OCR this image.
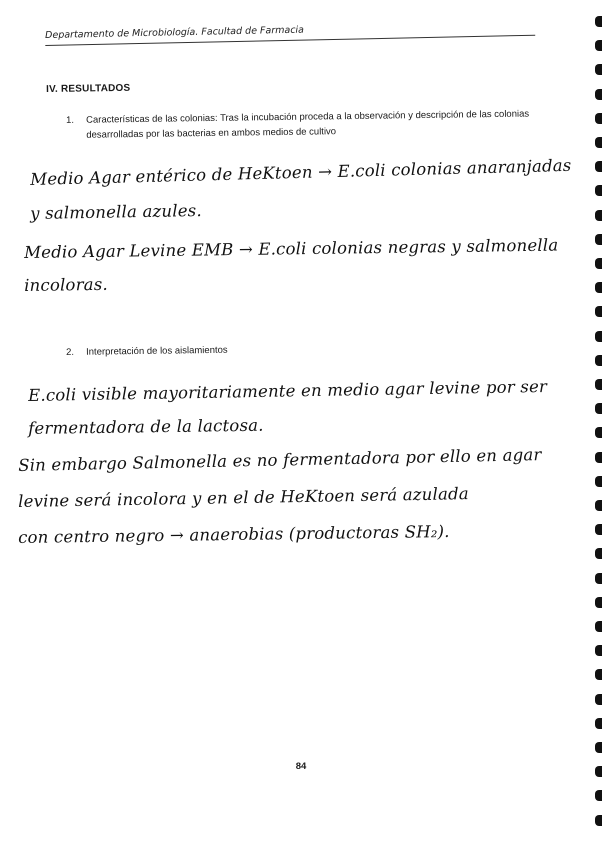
Departamento de Microbiología. Facultad de Farmacia
IV. RESULTADOS
1. Características de las colonias: Tras la incubación proceda a la observación y descripción de las colonias desarrolladas por las bacterias en ambos medios de cultivo
Medio Agar entérico de HeKtoen → E.coli colonias anaranjadas
y salmonella azules.
Medio Agar Levine EMB → E.coli colonias negras y salmonella
incoloras.
2. Interpretación de los aislamientos
E.coli visible mayoritariamente en medio agar levine por ser
fermentadora de la lactosa.
Sin embargo Salmonella es no fermentadora por ello en agar
levine será incolora y en el de HeKtoen será azulada
con centro negro → anaerobias (productoras SH₂).
84
